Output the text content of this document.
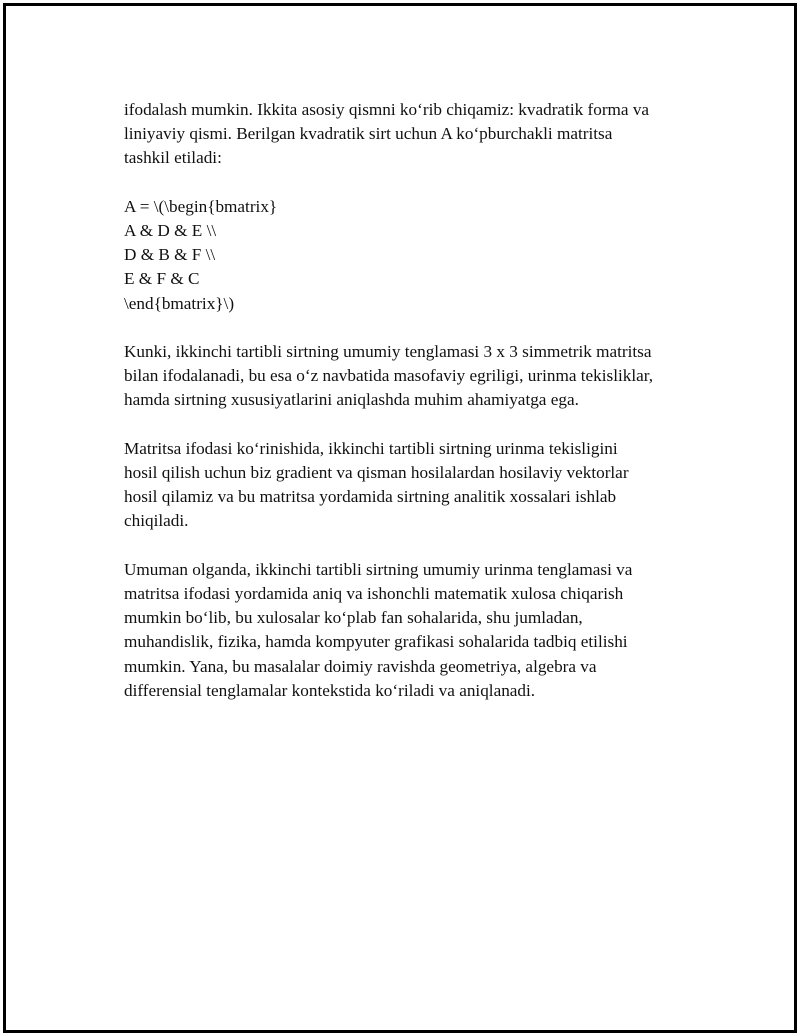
ifodalash mumkin. Ikkita asosiy qismni ko‘rib chiqamiz: kvadratik forma va
liniyaviy qismi. Berilgan kvadratik sirt uchun A ko‘pburchakli matritsa
tashkil etiladi:

A = \(\begin{bmatrix}
A & D & E \\
D & B & F \\
E & F & C
\end{bmatrix}\)

Kunki, ikkinchi tartibli sirtning umumiy tenglamasi 3 x 3 simmetrik matritsa
bilan ifodalanadi, bu esa o‘z navbatida masofaviy egriligi, urinma tekisliklar,
hamda sirtning xususiyatlarini aniqlashda muhim ahamiyatga ega.

Matritsa ifodasi ko‘rinishida, ikkinchi tartibli sirtning urinma tekisligini
hosil qilish uchun biz gradient va qisman hosilalardan hosilaviy vektorlar
hosil qilamiz va bu matritsa yordamida sirtning analitik xossalari ishlab
chiqiladi.

Umuman olganda, ikkinchi tartibli sirtning umumiy urinma tenglamasi va
matritsa ifodasi yordamida aniq va ishonchli matematik xulosa chiqarish
mumkin bo‘lib, bu xulosalar ko‘plab fan sohalarida, shu jumladan,
muhandislik, fizika, hamda kompyuter grafikasi sohalarida tadbiq etilishi
mumkin. Yana, bu masalalar doimiy ravishda geometriya, algebra va
differensial tenglamalar kontekstida ko‘riladi va aniqlanadi.
